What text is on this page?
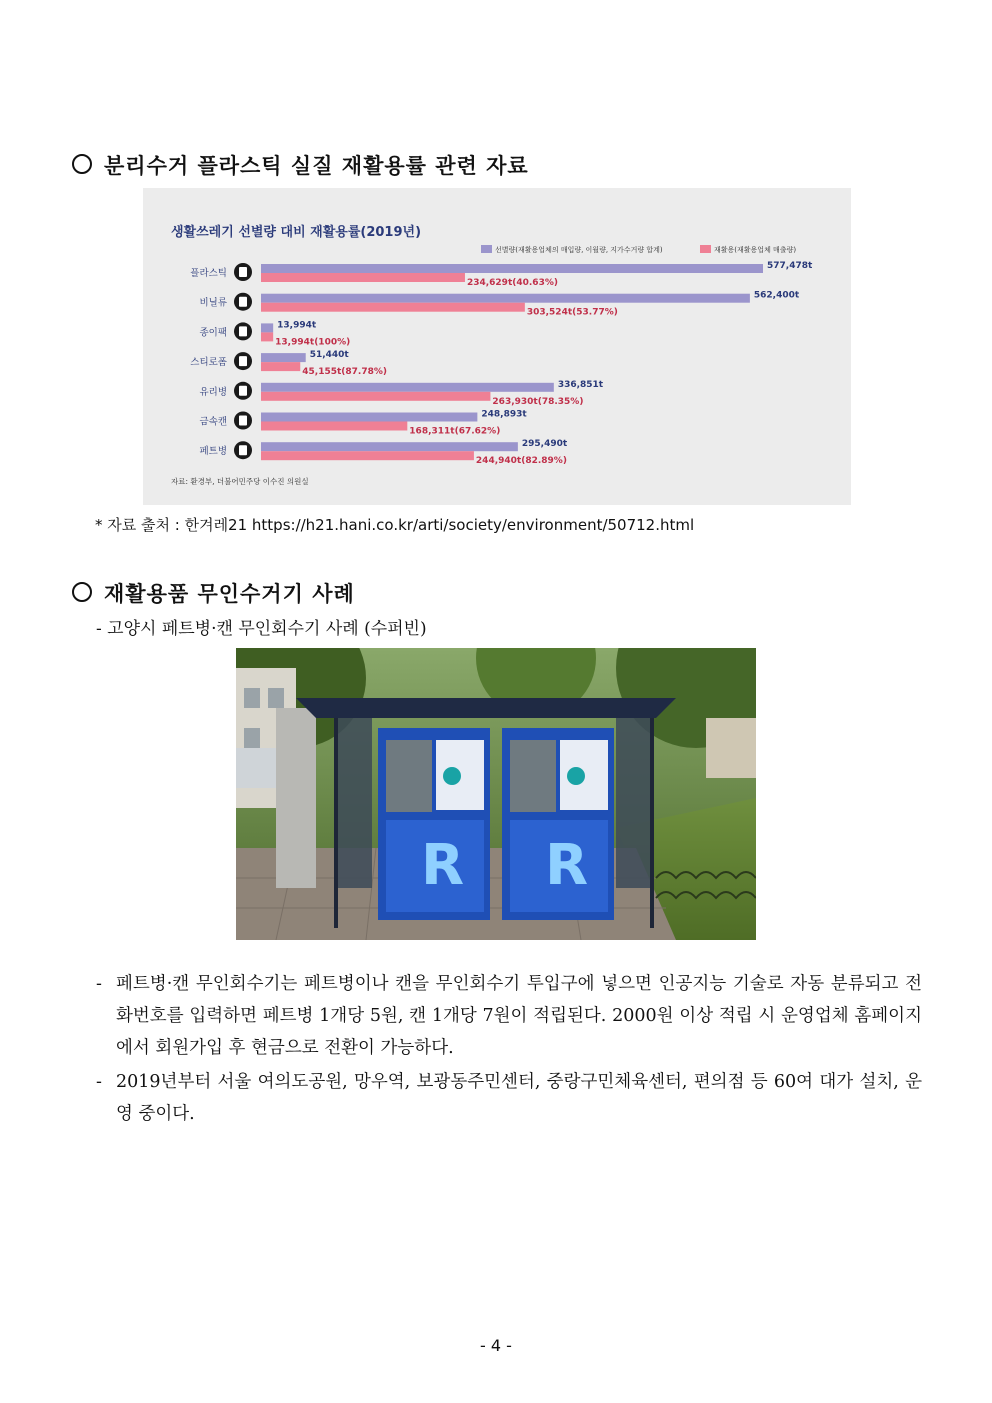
분리수거 플라스틱 실질 재활용률 관련 자료
생활쓰레기 선별량 대비 재활용률(2019년)
선별량(재활용업체의 매입량, 이월량, 지가수거량 합계)	재활용(재활용업체 매출량)
플라스틱
577,478t
234,629t(40.63%)
비닐류
562,400t
303,524t(53.77%)
종이팩
13,994t
13,994t(100%)
스티로폼
51,440t
45,155t(87.78%)
유리병
336,851t
263,930t(78.35%)
금속캔
248,893t
168,311t(67.62%)
페트병
295,490t
244,940t(82.89%)
자료: 환경부, 더불어민주당 이수진 의원실
* 자료 출처 : 한겨레21 https://h21.hani.co.kr/arti/society/environment/50712.html
재활용품 무인수거기 사례
- 고양시 페트병·캔 무인회수기 사례 (수퍼빈)
R R
- 페트병·캔 무인회수기는 페트병이나 캔을 무인회수기 투입구에 넣으면 인공지능 기술로 자동 분류되고 전화번호를 입력하면 페트병 1개당 5원, 캔 1개당 7원이 적립된다. 2000원 이상 적립 시 운영업체 홈페이지에서 회원가입 후 현금으로 전환이 가능하다.
- 2019년부터 서울 여의도공원, 망우역, 보광동주민센터, 중랑구민체육센터, 편의점 등 60여 대가 설치, 운영 중이다.
- 4 -
